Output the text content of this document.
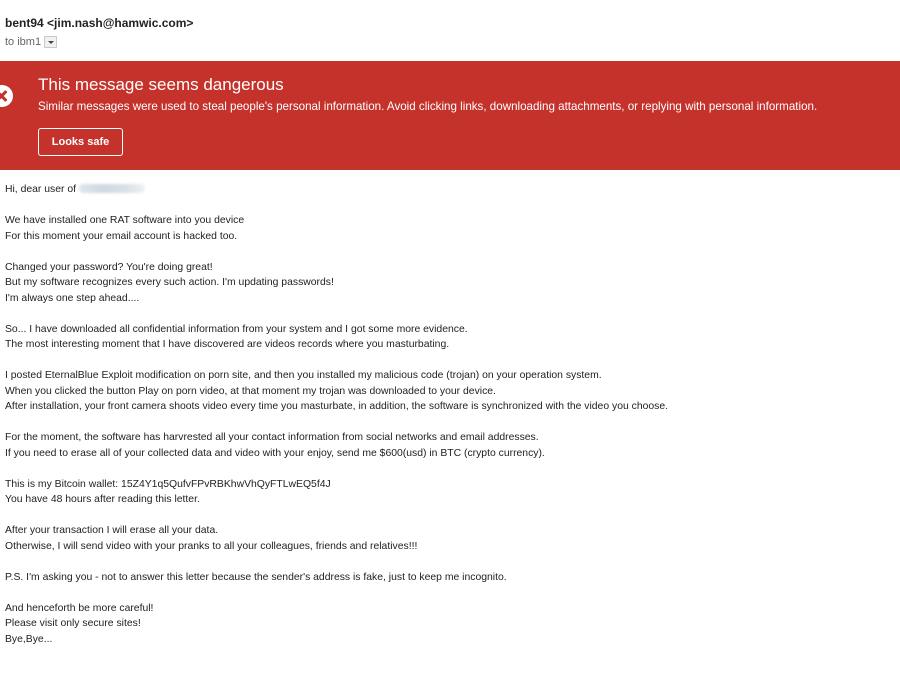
bent94 <jim.nash@hamwic.com>
to ibm1
This message seems dangerous
Similar messages were used to steal people's personal information. Avoid clicking links, downloading attachments, or replying with personal information.
Looks safe
Hi, dear user of
We have installed one RAT software into you device
For this moment your email account is hacked too.
Changed your password? You're doing great!
But my software recognizes every such action. I'm updating passwords!
I'm always one step ahead....
So... I have downloaded all confidential information from your system and I got some more evidence.
The most interesting moment that I have discovered are videos records where you masturbating.
I posted EternalBlue Exploit modification on porn site, and then you installed my malicious code (trojan) on your operation system.
When you clicked the button Play on porn video, at that moment my trojan was downloaded to your device.
After installation, your front camera shoots video every time you masturbate, in addition, the software is synchronized with the video you choose.
For the moment, the software has harvrested all your contact information from social networks and email addresses.
If you need to erase all of your collected data and video with your enjoy, send me $600(usd) in BTC (crypto currency).
This is my Bitcoin wallet: 15Z4Y1q5QufvFPvRBKhwVhQyFTLwEQ5f4J
You have 48 hours after reading this letter.
After your transaction I will erase all your data.
Otherwise, I will send video with your pranks to all your colleagues, friends and relatives!!!
P.S. I'm asking you - not to answer this letter because the sender's address is fake, just to keep me incognito.
And henceforth be more careful!
Please visit only secure sites!
Bye,Bye...
